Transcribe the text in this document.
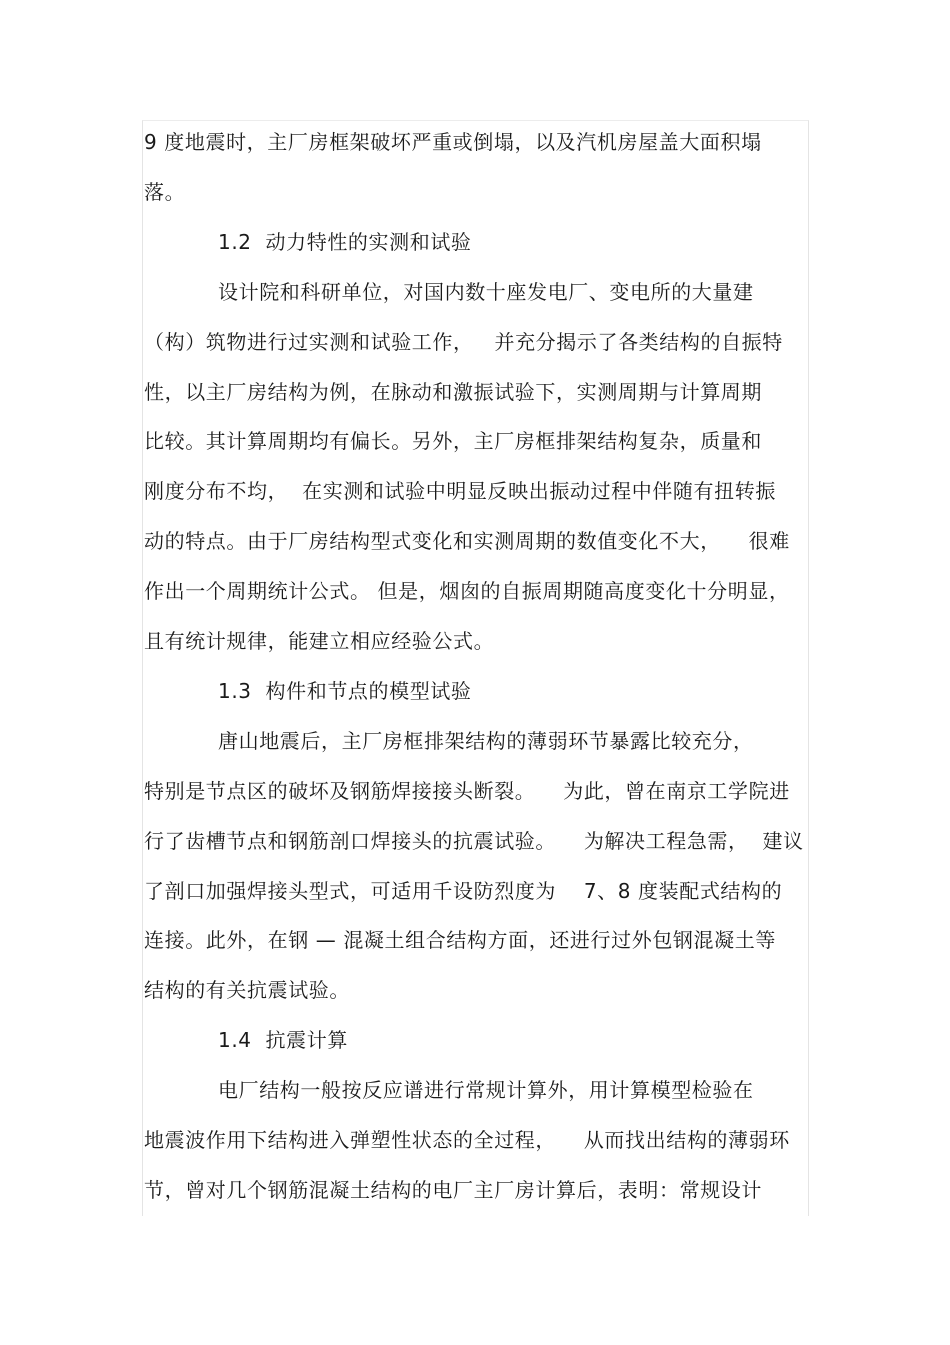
9 度地震时，主厂房框架破坏严重或倒塌，以及汽机房屋盖大面积塌
落。
1.2  动力特性的实测和试验
设计院和科研单位，对国内数十座发电厂、变电所的大量建
（构）筑物进行过实测和试验工作，   并充分揭示了各类结构的自振特
性，以主厂房结构为例，在脉动和激振试验下，实测周期与计算周期
比较。其计算周期均有偏长。另外，主厂房框排架结构复杂，质量和
刚度分布不均，  在实测和试验中明显反映出振动过程中伴随有扭转振
动的特点。由于厂房结构型式变化和实测周期的数值变化不大，    很难
作出一个周期统计公式。 但是，烟囱的自振周期随高度变化十分明显，
且有统计规律，能建立相应经验公式。
1.3  构件和节点的模型试验
唐山地震后，主厂房框排架结构的薄弱环节暴露比较充分，
特别是节点区的破坏及钢筋焊接接头断裂。    为此，曾在南京工学院进
行了齿槽节点和钢筋剖口焊接头的抗震试验。    为解决工程急需，  建议
了剖口加强焊接头型式，可适用千设防烈度为    7、8 度装配式结构的
连接。此外，在钢 — 混凝土组合结构方面，还进行过外包钢混凝土等
结构的有关抗震试验。
1.4  抗震计算
电厂结构一般按反应谱进行常规计算外，用计算模型检验在
地震波作用下结构进入弹塑性状态的全过程，    从而找出结构的薄弱环
节，曾对几个钢筋混凝土结构的电厂主厂房计算后，表明：常规设计
